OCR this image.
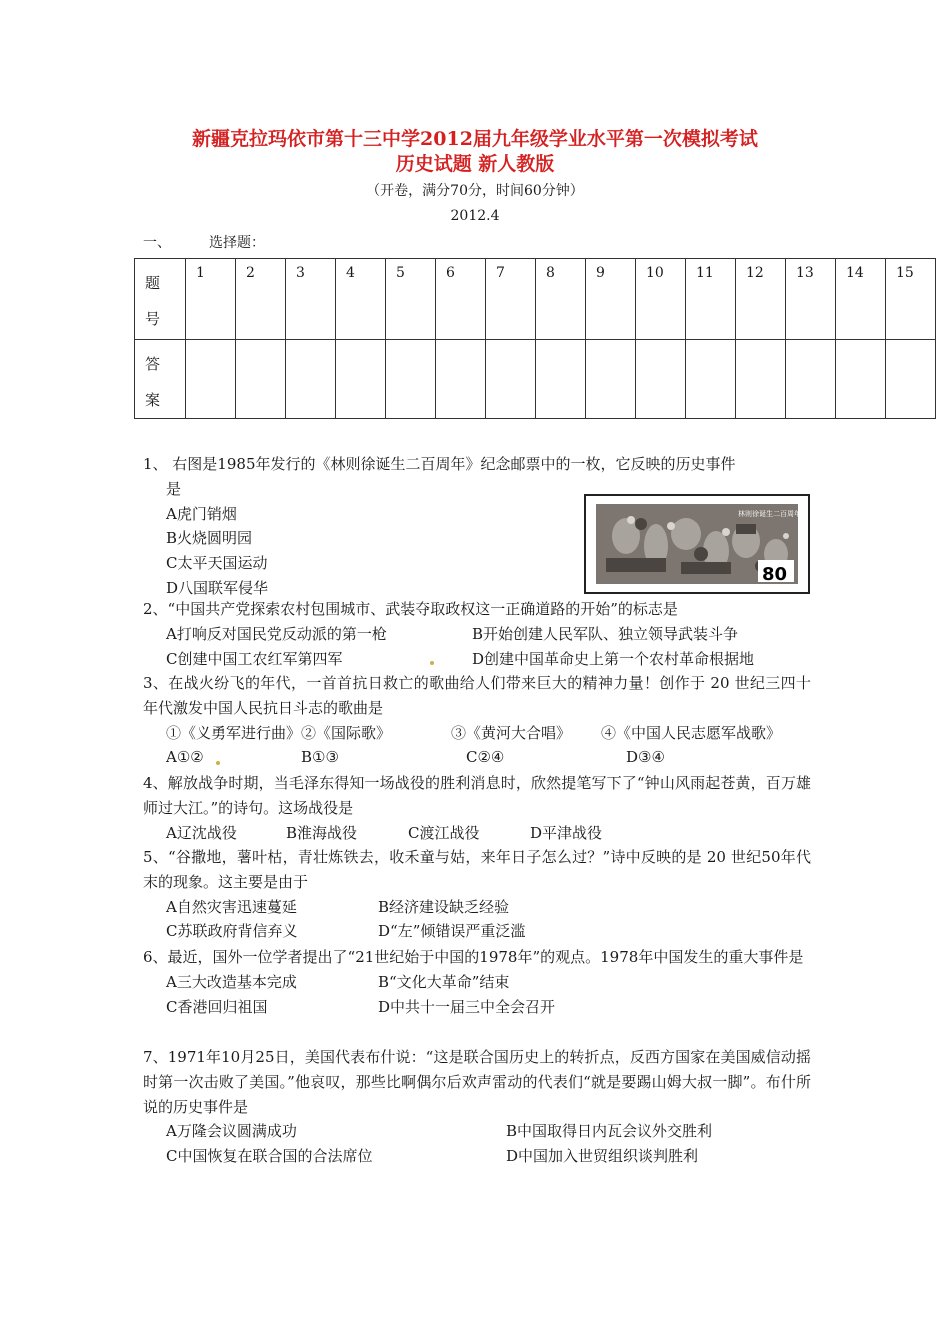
新疆克拉玛依市第十三中学2012届九年级学业水平第一次模拟考试
历史试题 新人教版

（开卷，满分70分，时间60分钟）

2012.4

一、	选择题：
题
号	1	2	3	4	5	6	7	8	9	10	11	12	13	14	15

答
案															

林则徐诞生二百周年
80

1、 右图是1985年发行的《林则徐诞生二百周年》纪念邮票中的一枚，它反映的历史事件

是

A虎门销烟

B火烧圆明园

C太平天国运动

D八国联军侵华

2、“中国共产党探索农村包围城市、武装夺取政权这一正确道路的开始”的标志是

A打响反对国民党反动派的第一枪	B开始创建人民军队、独立领导武装斗争
C创建中国工农红军第四军	D创建中国革命史上第一个农村革命根据地

3、在战火纷飞的年代，一首首抗日救亡的歌曲给人们带来巨大的精神力量！创作于 20 世纪三四十年代激发中国人民抗日斗志的歌曲是

①《义勇军进行曲》 ②《国际歌》	③《黄河大合唱》	④《中国人民志愿军战歌》
A①②	B①③	C②④	D③④

4、解放战争时期，当毛泽东得知一场战役的胜利消息时，欣然提笔写下了“钟山风雨起苍黄，百万雄师过大江。”的诗句。这场战役是

A辽沈战役	B淮海战役	C渡江战役	D平津战役

5、“谷撒地，薯叶枯，青壮炼铁去，收禾童与姑，来年日子怎么过？”诗中反映的是 20 世纪50年代末的现象。这主要是由于

A自然灾害迅速蔓延	B经济建设缺乏经验
C苏联政府背信弃义	D“左”倾错误严重泛滥

6、最近，国外一位学者提出了“21世纪始于中国的1978年”的观点。1978年中国发生的重大事件是

A三大改造基本完成	B“文化大革命”结束
C香港回归祖国	D中共十一届三中全会召开

7、1971年10月25日，美国代表布什说：“这是联合国历史上的转折点，反西方国家在美国威信动摇时第一次击败了美国。”他哀叹，那些比啊偶尔后欢声雷动的代表们“就是要踢山姆大叔一脚”。布什所说的历史事件是

A万隆会议圆满成功	B中国取得日内瓦会议外交胜利
C中国恢复在联合国的合法席位	D中国加入世贸组织谈判胜利
